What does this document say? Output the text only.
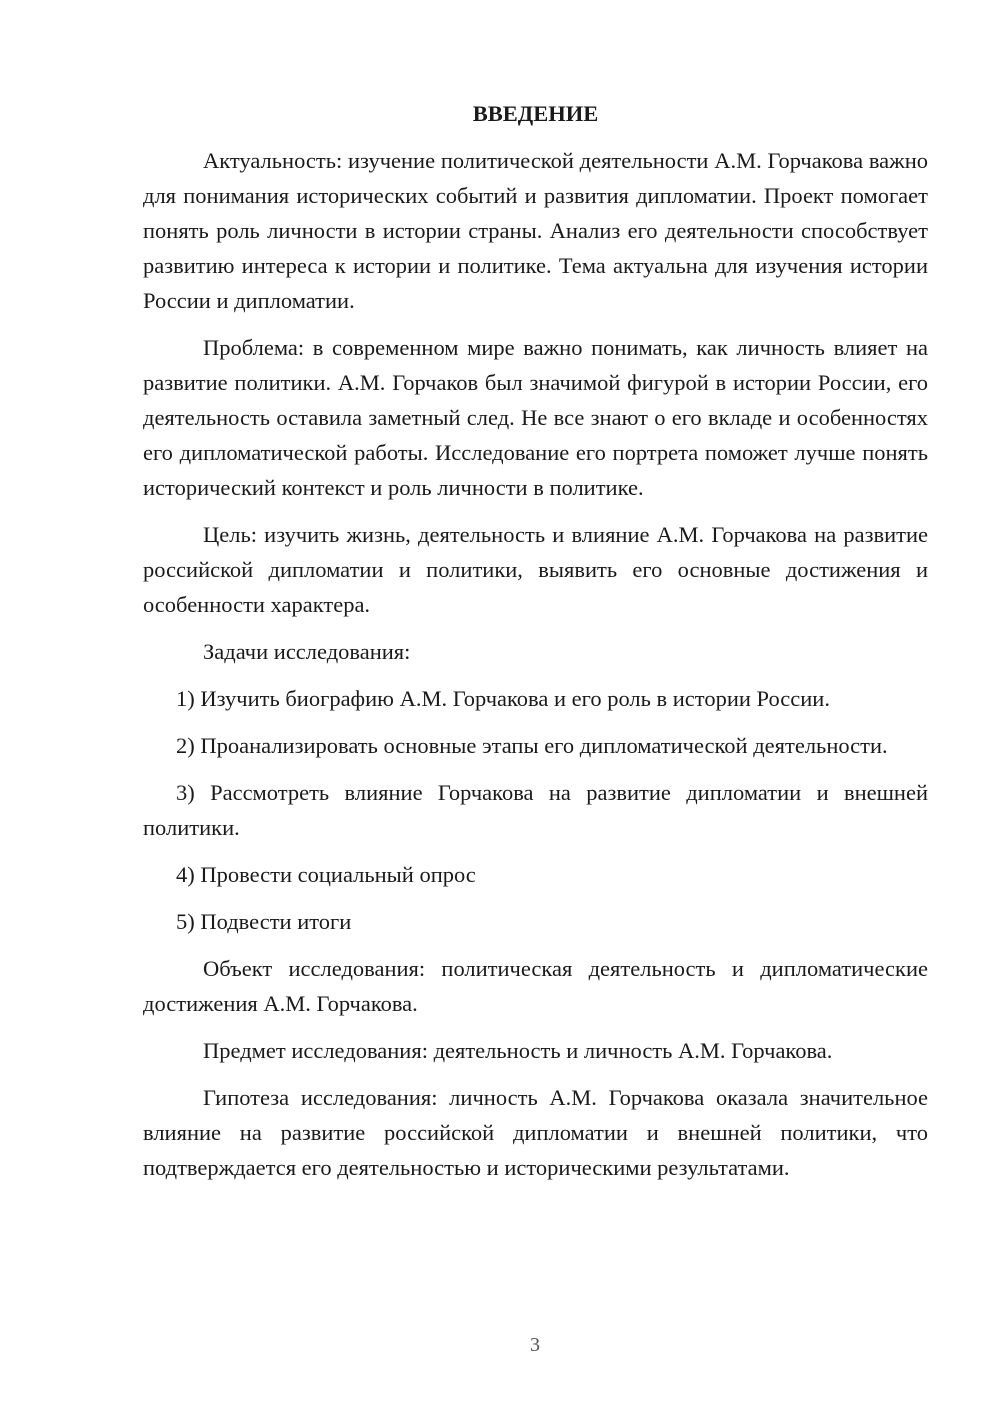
ВВЕДЕНИЕ

Актуальность: изучение политической деятельности А.М. Горчакова важно для понимания исторических событий и развития дипломатии. Проект помогает понять роль личности в истории страны. Анализ его деятельности способствует развитию интереса к истории и политике. Тема актуальна для изучения истории России и дипломатии.

Проблема: в современном мире важно понимать, как личность влияет на развитие политики. А.М. Горчаков был значимой фигурой в истории России, его деятельность оставила заметный след. Не все знают о его вкладе и особенностях его дипломатической работы. Исследование его портрета поможет лучше понять исторический контекст и роль личности в политике.

Цель: изучить жизнь, деятельность и влияние А.М. Горчакова на развитие российской дипломатии и политики, выявить его основные достижения и особенности характера.

Задачи исследования:

1) Изучить биографию А.М. Горчакова и его роль в истории России.

2) Проанализировать основные этапы его дипломатической деятельности.

3) Рассмотреть влияние Горчакова на развитие дипломатии и внешней политики.

4) Провести социальный опрос

5) Подвести итоги

Объект исследования: политическая деятельность и дипломатические достижения А.М. Горчакова.

Предмет исследования: деятельность и личность А.М. Горчакова.

Гипотеза исследования: личность А.М. Горчакова оказала значительное влияние на развитие российской дипломатии и внешней политики, что подтверждается его деятельностью и историческими результатами.

3
